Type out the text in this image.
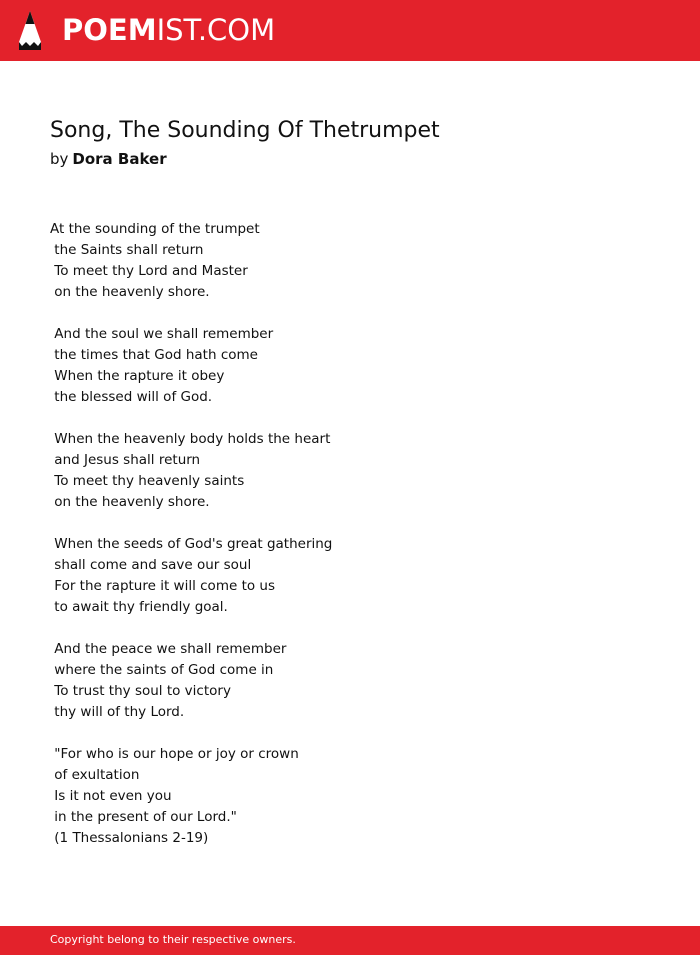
POEMIST.COM
Song, The Sounding Of Thetrumpet
by Dora Baker
At the sounding of the trumpet
the Saints shall return
To meet thy Lord and Master
on the heavenly shore.

And the soul we shall remember
the times that God hath come
When the rapture it obey
the blessed will of God.

When the heavenly body holds the heart
and Jesus shall return
To meet thy heavenly saints
on the heavenly shore.

When the seeds of God's great gathering
shall come and save our soul
For the rapture it will come to us
to await thy friendly goal.

And the peace we shall remember
where the saints of God come in
To trust thy soul to victory
thy will of thy Lord.

"For who is our hope or joy or crown
of exultation
Is it not even you
in the present of our Lord."
(1 Thessalonians 2-19)
Copyright belong to their respective owners.
